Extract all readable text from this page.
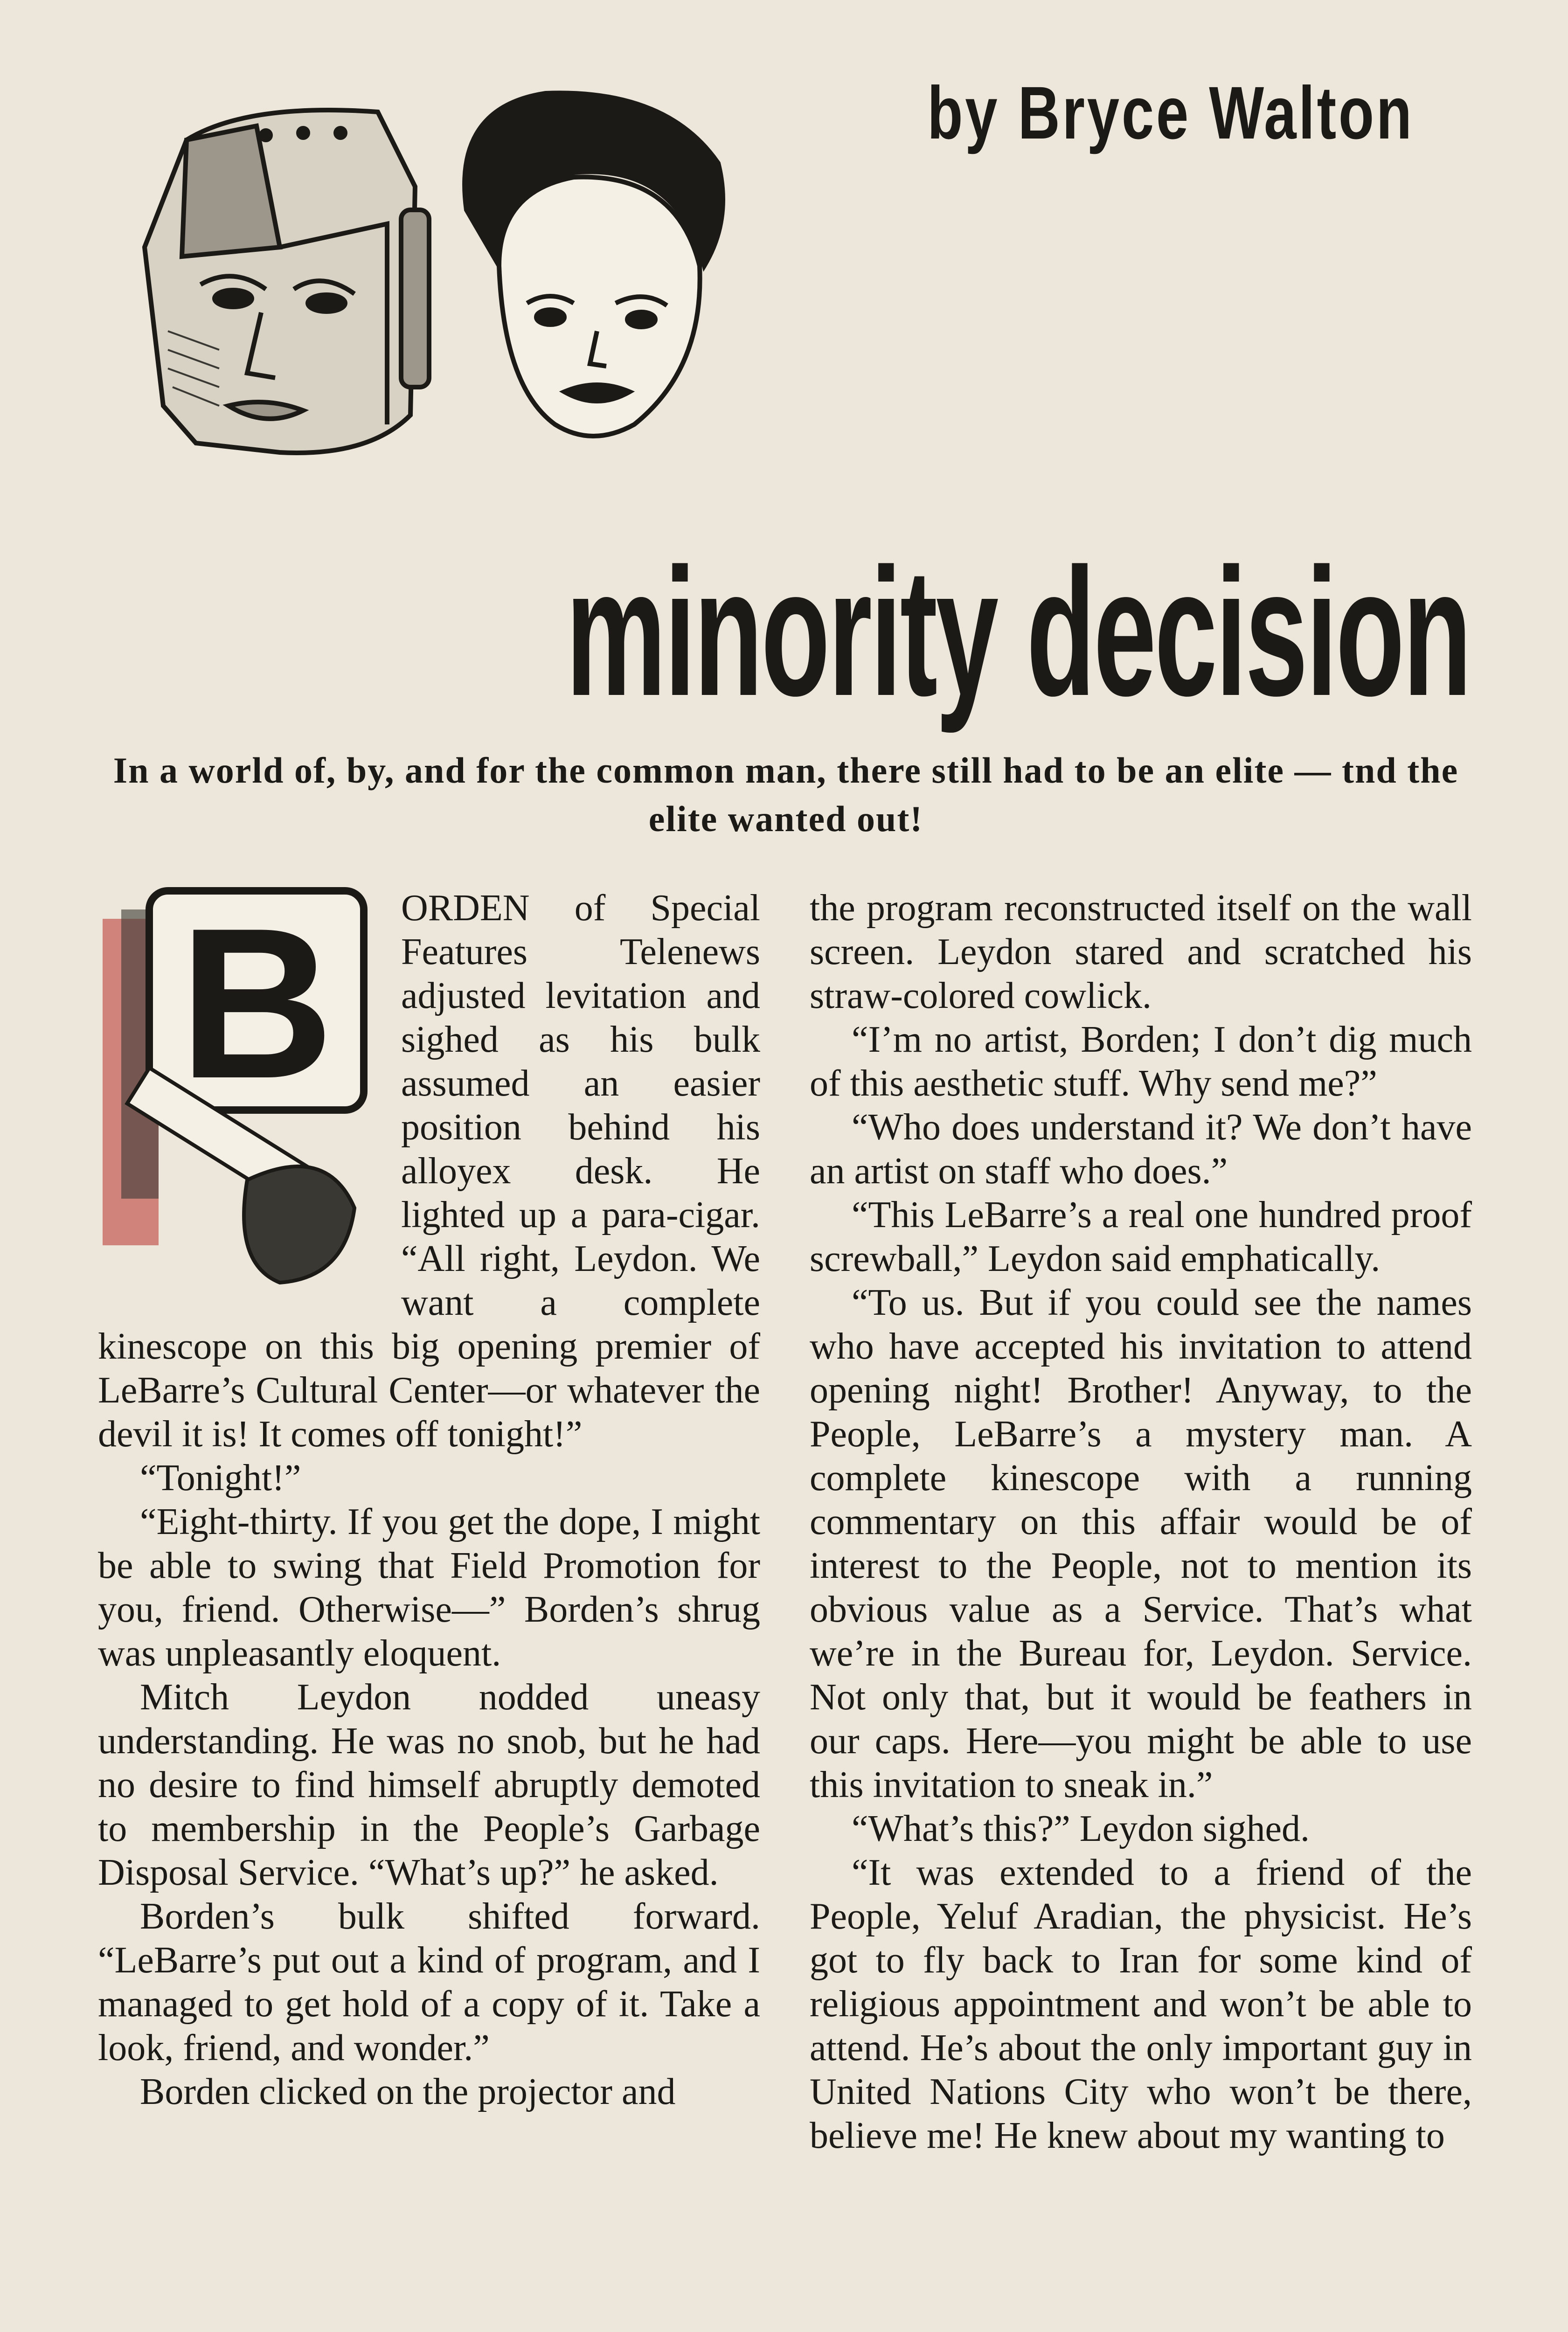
by Bryce Walton
minority decision
In a world of, by, and for the common man, there still had to be an elite — tnd the elite wanted out!
B	ORDEN of Special Features Telenews adjusted levitation and sighed as his bulk assumed an easier position behind his alloyex desk. He lighted up a para-cigar. “All right, Leydon. We want a complete kinescope on this big opening premier of LeBarre’s Cultural Center—or whatever the devil it is! It comes off tonight!”

“Tonight!”

“Eight-thirty. If you get the dope, I might be able to swing that Field Promotion for you, friend. Otherwise—” Borden’s shrug was unpleasantly eloquent.

Mitch Leydon nodded uneasy understanding. He was no snob, but he had no desire to find himself abruptly demoted to membership in the People’s Garbage Disposal Service. “What’s up?” he asked.

Borden’s bulk shifted forward. “LeBarre’s put out a kind of program, and I managed to get hold of a copy of it. Take a look, friend, and wonder.”

Borden clicked on the projector and

the program reconstructed itself on the wall screen. Leydon stared and scratched his straw-colored cowlick.

“I’m no artist, Borden; I don’t dig much of this aesthetic stuff. Why send me?”

“Who does understand it? We don’t have an artist on staff who does.”

“This LeBarre’s a real one hundred proof screwball,” Leydon said emphatically.

“To us. But if you could see the names who have accepted his invitation to attend opening night! Brother! Anyway, to the People, LeBarre’s a mystery man. A complete kinescope with a running commentary on this affair would be of interest to the People, not to mention its obvious value as a Service. That’s what we’re in the Bureau for, Leydon. Service. Not only that, but it would be feathers in our caps. Here—you might be able to use this invitation to sneak in.”

“What’s this?” Leydon sighed.

“It was extended to a friend of the People, Yeluf Aradian, the physicist. He’s got to fly back to Iran for some kind of religious appointment and won’t be able to attend. He’s about the only important guy in United Nations City who won’t be there, believe me! He knew about my wanting to
